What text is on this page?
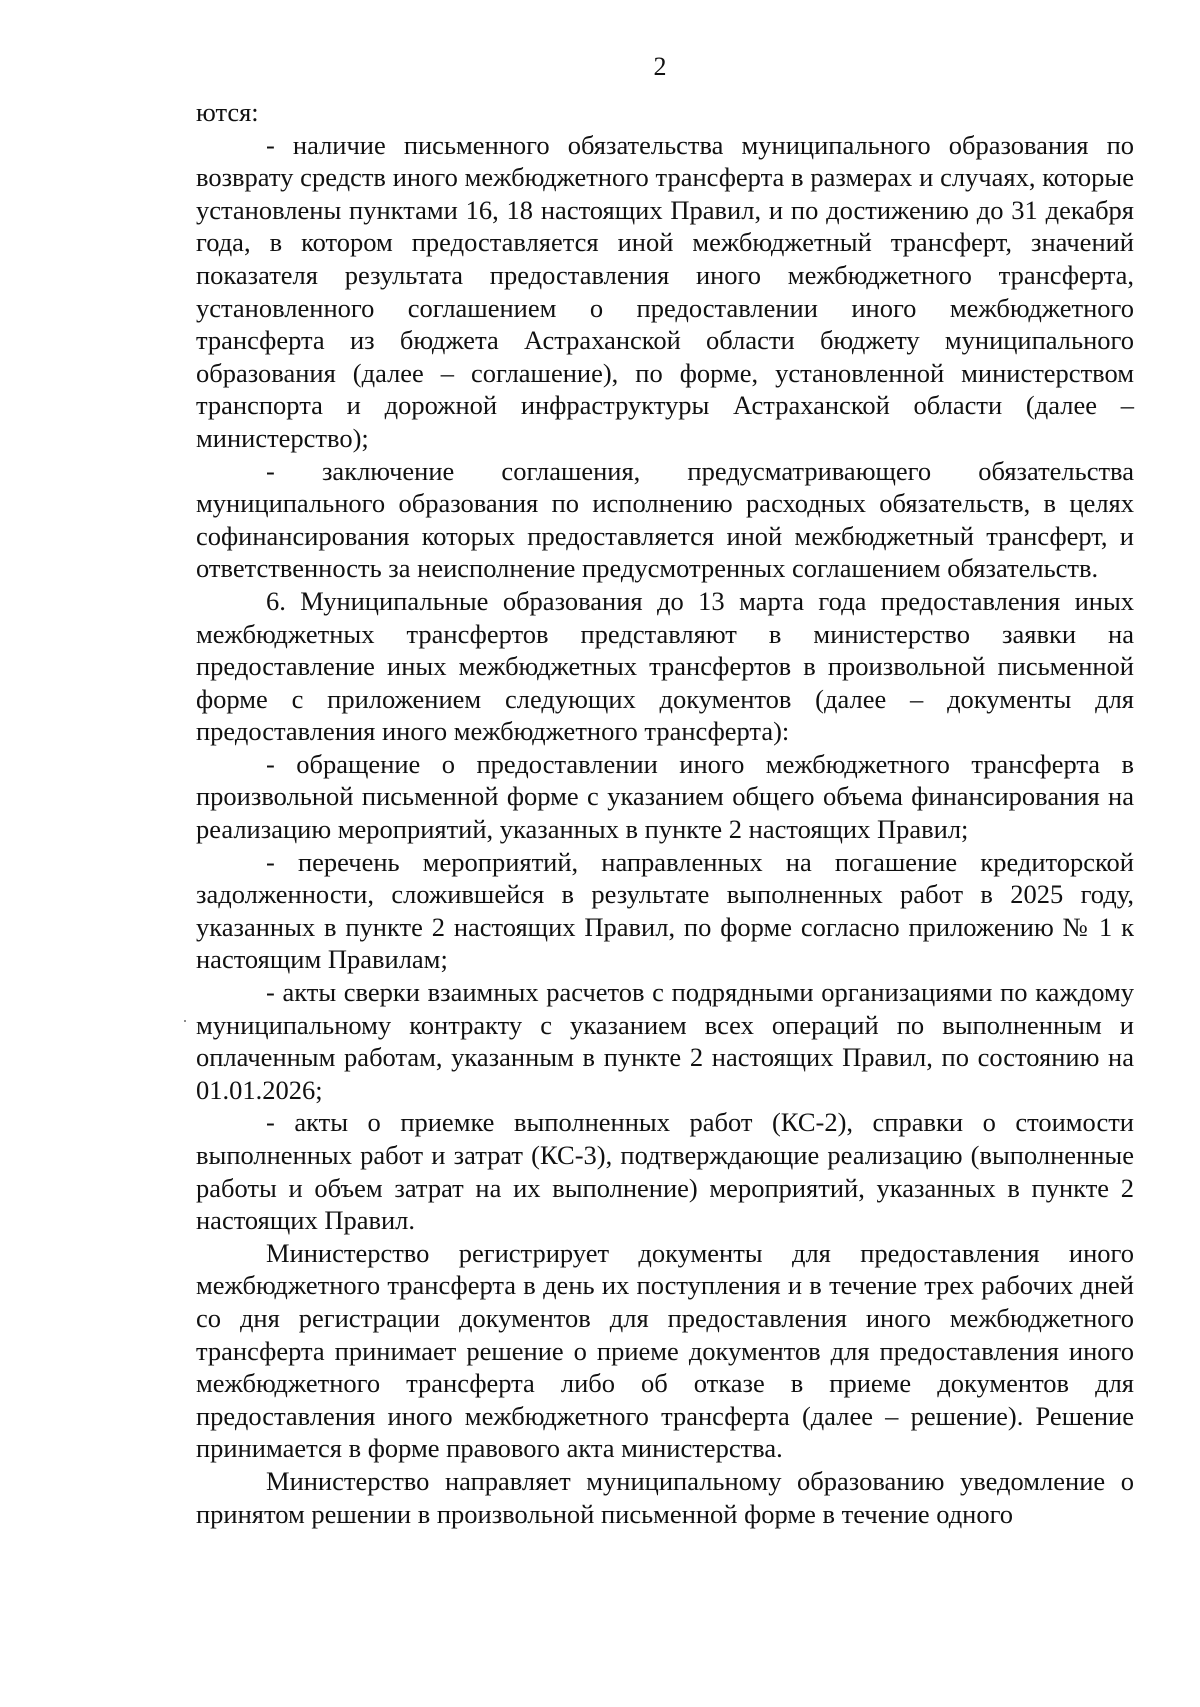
2

ются:

- наличие письменного обязательства муниципального образования по возврату средств иного межбюджетного трансферта в размерах и случаях, которые установлены пунктами 16, 18 настоящих Правил, и по достижению до 31 декабря года, в котором предоставляется иной межбюджетный трансферт, значений показателя результата предоставления иного межбюджетного трансферта, установленного соглашением о предоставлении иного межбюджетного трансферта из бюджета Астраханской области бюджету муниципального образования (далее – соглашение), по форме, установленной министерством транспорта и дорожной инфраструктуры Астраханской области (далее – министерство);

- заключение соглашения, предусматривающего обязательства муниципального образования по исполнению расходных обязательств, в целях софинансирования которых предоставляется иной межбюджетный трансферт, и ответственность за неисполнение предусмотренных соглашением обязательств.

6. Муниципальные образования до 13 марта года предоставления иных межбюджетных трансфертов представляют в министерство заявки на предоставление иных межбюджетных трансфертов в произвольной письменной форме с приложением следующих документов (далее – документы для предоставления иного межбюджетного трансферта):

- обращение о предоставлении иного межбюджетного трансферта в произвольной письменной форме с указанием общего объема финансирования на реализацию мероприятий, указанных в пункте 2 настоящих Правил;

- перечень мероприятий, направленных на погашение кредиторской задолженности, сложившейся в результате выполненных работ в 2025 году, указанных в пункте 2 настоящих Правил, по форме согласно приложению № 1 к настоящим Правилам;

- акты сверки взаимных расчетов с подрядными организациями по каждому муниципальному контракту с указанием всех операций по выполненным и оплаченным работам, указанным в пункте 2 настоящих Правил, по состоянию на 01.01.2026;

- акты о приемке выполненных работ (КС-2), справки о стоимости выполненных работ и затрат (КС-3), подтверждающие реализацию (выполненные работы и объем затрат на их выполнение) мероприятий, указанных в пункте 2 настоящих Правил.

Министерство регистрирует документы для предоставления иного межбюджетного трансферта в день их поступления и в течение трех рабочих дней со дня регистрации документов для предоставления иного межбюджетного трансферта принимает решение о приеме документов для предоставления иного межбюджетного трансферта либо об отказе в приеме документов для предоставления иного межбюджетного трансферта (далее – решение). Решение принимается в форме правового акта министерства.

Министерство направляет муниципальному образованию уведомление о принятом решении в произвольной письменной форме в течение одного
